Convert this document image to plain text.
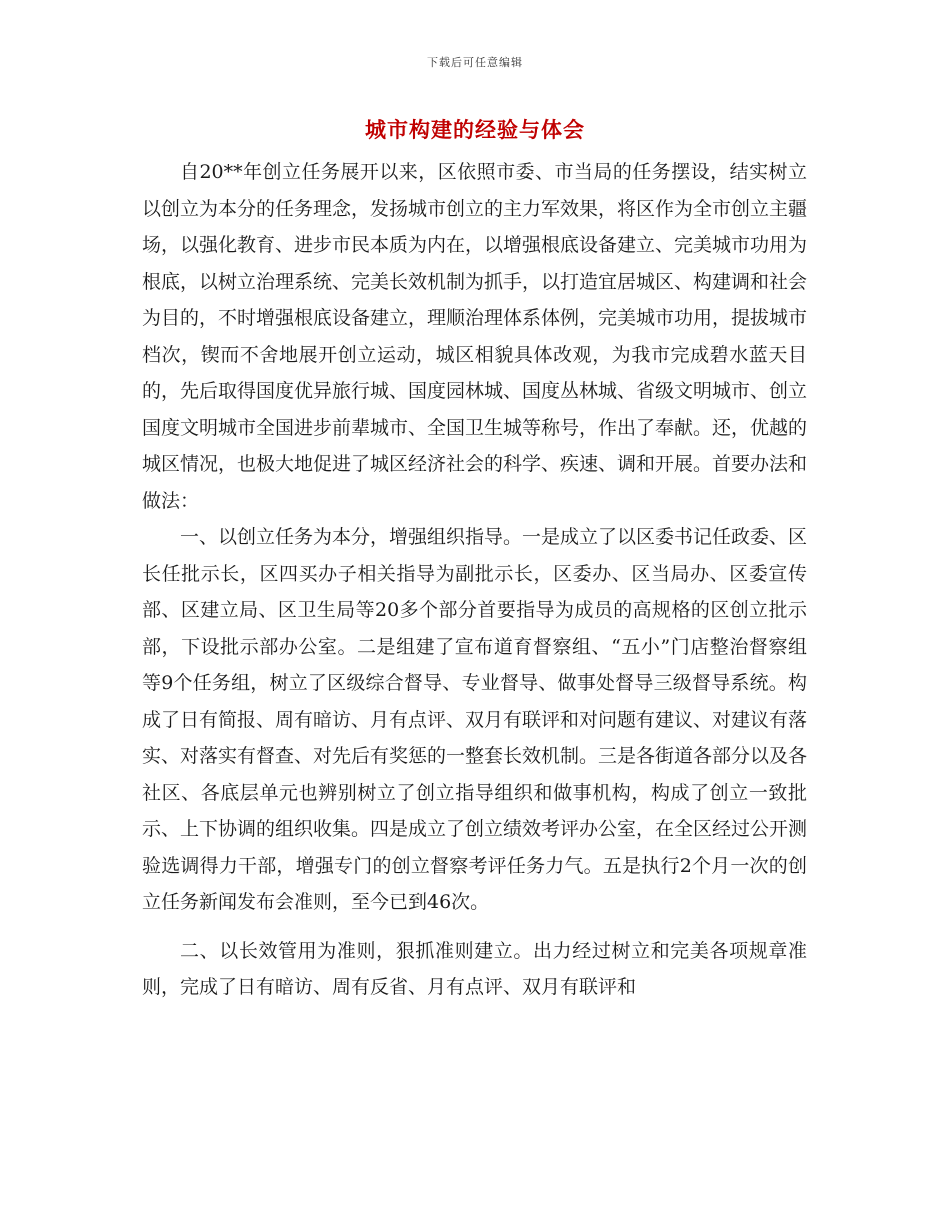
下载后可任意编辑
城市构建的经验与体会

自20**年创立任务展开以来，区依照市委、市当局的任务摆设，结实树立以创立为本分的任务理念，发扬城市创立的主力军效果，将区作为全市创立主疆场，以强化教育、进步市民本质为内在，以增强根底设备建立、完美城市功用为根底，以树立治理系统、完美长效机制为抓手，以打造宜居城区、构建调和社会为目的，不时增强根底设备建立，理顺治理体系体例，完美城市功用，提拔城市档次，锲而不舍地展开创立运动，城区相貌具体改观，为我市完成碧水蓝天目的，先后取得国度优异旅行城、国度园林城、国度丛林城、省级文明城市、创立国度文明城市全国进步前辈城市、全国卫生城等称号，作出了奉献。还，优越的城区情况，也极大地促进了城区经济社会的科学、疾速、调和开展。首要办法和做法：

一、以创立任务为本分，增强组织指导。一是成立了以区委书记任政委、区长任批示长，区四买办子相关指导为副批示长，区委办、区当局办、区委宣传部、区建立局、区卫生局等20多个部分首要指导为成员的高规格的区创立批示部，下设批示部办公室。二是组建了宣布道育督察组、“五小”门店整治督察组等9个任务组，树立了区级综合督导、专业督导、做事处督导三级督导系统。构成了日有简报、周有暗访、月有点评、双月有联评和对问题有建议、对建议有落实、对落实有督查、对先后有奖惩的一整套长效机制。三是各街道各部分以及各社区、各底层单元也辨别树立了创立指导组织和做事机构，构成了创立一致批示、上下协调的组织收集。四是成立了创立绩效考评办公室，在全区经过公开测验选调得力干部，增强专门的创立督察考评任务力气。五是执行2个月一次的创立任务新闻发布会准则，至今已到46次。

二、以长效管用为准则，狠抓准则建立。出力经过树立和完美各项规章准则，完成了日有暗访、周有反省、月有点评、双月有联评和
